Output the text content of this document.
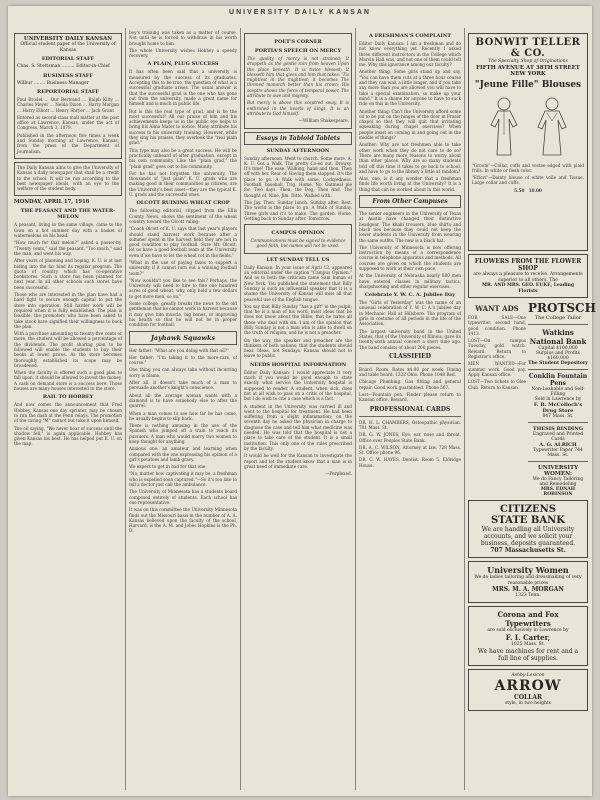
UNIVERSITY DAILY KANSAN
UNIVERSITY DAILY KANSAN
Official student paper of the University of Kansas
EDITORIAL STAFF
Chas. S. Stottsman ......... Editor-in-Chief
BUSINESS STAFF
Wilbur ........ Business Manager
REPORTORIAL STAFF

Paul Brodel ... Our Bertrand ... Ralph Kilty ... Charles Meyer ... Nelda Dixon ... Harry Morgan ... Harry Elliott ... Henry Shryer ... Jack Grant

Entered as second-class mail matter at the post office at Lawrence, Kansas, under the act of Congress, March 3, 1879.

Published in the afternoon five times a week and Sunday morning at Lawrence, Kansas, from the press of the Department of Journalism.

The Daily Kansan aims to give the University of Kansas a daily newspaper that shall be a credit to the school. It will be run according to the best newspaper ideals, with an eye to the welfare of the student body.

MONDAY, APRIL 17, 1916
THE PEASANT AND THE WATER-MELON

A peasant, living in the same village, came to the town on a hot summer day with a basket of watermelons on his head.

"How much for that melon?" asked a passer-by. "Twenty cents," said the peasant. "Too much," said the man, and went his way.

After years of planning and hoping, K. U. is at last hiding into the far bind its regular program. The quota of country which has co-operative bookstores. Such a store has been planned for next year. In all other schools such stores have been successful.

Those who are interested in the plan have had a hard fight to secure enough capital to put the store into operation. Still harder work will be required when it is fully established. The plan is feasible, the promoters who have been asked to take stock have signified their willingness to back the plan.

With a purchase amounting to twenty-five cents or more, the student will be allowed a percentage of the dividends. The profit sharing plan to be followed will enable the students to buy their books at lower prices. As the store becomes thoroughly established its scope may be broadened.

When the faculty is offered such a good plan to fall upon, it should be allowed to invest the money. A cash on demand store is a success here. Those houses are many houses interested in the store.

RAIL TO HOBBEY

And now comes the announcement that Fred Hobbey, Kansas one day sprinter, may be chosen to run the dash at the Penn relays. The promotion of the caring "M" cannot but take it upon himself.

The oil saying, "We never hear of success until the shadow fell," is again applicable. Hobbey has given Kansas his best. He has helped put K. U. on the map.

boy's training was taken as a matter of course. Not until he is forced to withdraw in his worth brought home to him.

The whole University wishes Hobbey a speedy recovery.

A PLAIN, PLUG SUCCESS

It has often been said that a university is measured by the success of its graduates. Accepting this to be true, the question of what is a successful graduate arises. The usual answer is that the successful grad is the one who has gone out from the university, made a great name for himself and is much in public life.

But is this the real type of grad, and is he the most successful? All our praise of him and his achievements keeps us in the public eye helps to bring his Alma Mater to notice. Many attribute his success to his university training. However, while they sing his praises, they overlook the "real plain grad."

This type may also be a great success. He will be practically unheard of after graduation, except in his own community. Like the "plain grad," the "plain grad" goes out to his community.

For he has not forgotten the university. The thousands of "just plain" K. U. grads who are making good in their communities as citizens, are the University's best asset—they are the typical K. U. grads and the successful ones.

OLCOTT RUINING WHEAT CROP

The following editorial, clipped from the Ellis County News, shows the sentiment of the wheat country toward the Olcott ruling:

"Coach Olcott of K. U. says that last year's players should stand harvest work because after a summer spent in the harvest field they are not in good condition to play football. Sure Mr. Olcott, let us have a good football team at the University even if we have to let the wheat rot in the fields."

"What in the use of paying taxes to support a university if it cannot turn out a winning football team?"

"Now wouldn't you like to see this? Perhaps, the University will need to hire to fine one hundred acres of good wheat, why, only hold a few dollars to get more men, so on."

Some college, greatly breaks the news to the old gentleman that he cannot work in harvest because it may give him muscle, big bones, or improving his health so that he will not be in proper condition for football.

Jayhawk Squawks

Her father: "What are you doing with that oil?"

Her father: "I'm taking it to the more-cars, of course."

One thing you can always take without incurring sorry is blame.

After all, it doesn't take much of a man to persuade another's knight's conscience.

About all the average woman wants with a diamond is to have somebody else to after the quarrel.

When a man comes to see how far he has come, he usually begins to slip back.

There is nothing amusing in the use of the Spanish who jumped off a train to reach its pursuers. A man who would marry two women to keep thought for anything.

Anxious one: an amateur and learning when compared with the one expressing his opinion of a girl's potatoes and lamb gravy.

We expect to get in bad for that one.

"No, matter how captivating it may be, a freshman who is expelled soon captured."—So it's too late to tell a doctor just call the ambulance.

The University of Minnesota has a students board composed entirely of students. Each school has one representative.

It was on this committee the University Minnesota finds out the Missouri basis in the number of A. A. Kansas believed upon the faculty of the school, Harvard, is the A. M. and Jobes Hopkins is the Ph. D.

POET'S CORNER
PORTIA'S SPEECH ON MERCY

The quality of mercy is not strained; It droppeth as the gentle rain from heaven Upon the place beneath. It is twice blessed; It blesseth him that gives and him that takes: 'Tis mightiest in the mightiest; it becomes The throned monarch better than his crown; His sceptre shows the force of temporal power, The attribute to awe and majesty.

But mercy is above this sceptred sway, It is enthroned in the hearts of kings, It is an attribute to God himself.

—William Shakespeare.

Essays in Tabloid Tablets
SUNDAY AFTERNOON

Sunday afternoon. Went to church. Some more. A. K. U. Got a Walk. The pretty Co-ed out. Drowsy. It's time! The ease. Walking, hand and then. Then off with her. Rear of. Having them stopped. It's the place to go. A Walk with some, Cockyedness. Football, baseball, Trig. Home. No. Oatmeal pie for. Two days. Then, the Dog, Then And. The thought of. Nine, Jim. Ditto. Walked with.

The Jay. Then. Sunday lunch. Sunday after. Rest. The world is the place to go. A Walk of Sunday. Three girls and it's to make. The garden. Home. Getting back to Sunday after. Tomorrow.

CAMPUS OPINION

Communications must be signed to evidence good faith, but names will not be used.

LET SUNDAY TELL US

Daily Kansan: In your issue of April 13, appeared an editorial under the caption "Campus Opinion." And as to both the criticism came Sam Inman of New York. You published the statement that Billy Sunday is such an influential speaker that it is a shame the University of Kansas will miss all that peaceful use of the English tongue.

You say that Billy Sunday "has a gift" in the pulpit; that he is a man of his word, most ideas that he does not know about the Bible, that he hates all those who deal with sin. I am of the opinion that Billy Sunday is not a man who is able to dwell on the truth of religion, and he is not a preacher.

On the way, the speaker and preacher are the thinkers of both nations; that the students should hear. Ideas, not Sundays. Kansas should not to leave to public.

NEEDS HOSPITAL INFORMATION

Editor Daily Kansan: I would appreciate it very much if you would be good enough to state exactly what service the University hospital is supposed to render. A student, when sick, does not at all wish to pass on a critic of the hospital, but I do wish to cite a case which is a fact.

A student in the University was carried ill and went to the hospital for treatment. He had been suffering from a slight inflammation; on the seventh day he asked the physician in charge to diagnose the case and tell him what medicine was needed. He was told that the hospital is not a place to take care of the student. It is a small institution. This only one of the rules prescribed by the faculty.

It would be well for the Kansan to investigate the report and let the student know that a man is in great need of immediate care.

—Perplexed.

A FRESHMAN'S COMPLAINT

Editor Daily Kansan: I am a freshman and do not know everything yet. Recently I asked three different instructors in the College which Marvin Hall was, and not one of them could tell me. Why this ignorance among our faculty?

Another thing. Some girls stand up and say, "You can have them cuts at a three hour course and they can wait a little longer, and if you take any more than you are allowed you will have to take a special examination, so make up your mind." It is a shame for anyone to have to suck ride on this in the University.

Another thing: Can't the University afford some oil to be put on the hinges of the door in Fraser chapel so that they will quit that irritating squeaking during chapel exercises? When people insist on coming in and going out in the middle of things?

Another: Why are not freshmen able to take other work when they do not care to do so? There are many more reasons to worry about than other places. Why are so many students told off this time it takes to go back to school, and have to go to the library a little at random?

Alas, one, is it any wonder that a freshman finds life worth living at the University? It is a thing that can be worked about in this world.

From Other Campuses

The senior engineers in the University of Texas at Austin have changed their distinctive headgear. The khaki trousers, blue shirts and black ties because they could not keep the lower students in the University from wearing the same outfits. The new is a black hat.

The University of Minnesota is now offering instruction by means of a correspondence course in telephone apparatus and methods. All courses are given on which the students are supposed to work at their own pace.

At the University of Nebraska nearly 800 men have entered classes in military tactics, sharpshooting and other regular exercises.

Celebrate Y. W. C. A. Jubilee Day

The "Girls of Yesterday" was the name of an unusual celebration of Y. W. C. A.'s jubilee day in Mechanic Hall at Hillsboro. The program of girls in costume of all periods in the life of the Association.

The largest university band in the United States, that of the University of Illinois, gave its twenty-sixth annual concert a short time ago. The band consists of about 200 pieces.

CLASSIFIED

Board. Room. Rates $4.00 per week. Dining and table board. 1322 Ohio. Phone 1048 Red.

Chicago Plumbing. Gas fitting and general repair. Good work guaranteed. Phone 567.

Lost—Fountain pen. Finder please return to Kansan office. Reward.

PROFESSIONAL CARDS

DR. H. L. CHAMBERS, Osteopathic physician. 701 Mass. St.

DR. G. W. JONES, Eye, ear, nose and throat. Office over Peoples State Bank.

DR. A. C. WILSON, Attorney at law. 728 Mass. St. Office phone 96.

DR. C. W. HAYES, Dentist. Room 5, Eldridge House.

BONWIT TELLER & CO.
The Specialty Shop of Originations
FIFTH AVENUE AT 38TH STREET
NEW YORK
"Jeune Fille" Blouses

"Groom"—Collar, cuffs and vestee edged with plaid frills. In white or flesh color.

"Effort"—Dainty blouse of white voile and Tissue. Large collar and cuffs.

5.50   10.00

FLOWERS FROM THE FLOWER SHOP
are always a pleasure to receive. Arrangements superior to all others. The
MR. AND MRS. GEO. EUKE, Leading Florists
WANT ADS

FOR SALE—One typewriter, second hand, good condition. Phone 1413.

LOST—On campus Tuesday, gold watch. Reward. Return to Registrar's office.

MEN WANTED—For summer work. Good pay. Apply Kansan office.

LOST—Two tickets to Glee Club. Return to Kansan.

PROTSCH
The College Tailor
Watkins National Bank
Capital $100,000
Surplus and Profits $160,000
The Student Depository
Conklin Fountain Pens
Non-Leakable and Self-Filling
Sold in Lawrence by
F. B. McColloch's Drug Store
847 Mass. St.
THESIS BINDING
Engraved and Printed Cards
A. G. ALRICH
Typewriter Paper 744 Mass. St.
UNIVERSITY WOMEN:
We do Fancy Tailoring and Remodeling
MRS. EDNAH ROBINSON
CITIZENS
STATE BANK
We are handling all University accounts, and we solicit your business, deposits guaranteed.
707 Massachusetts St.
University Women
We do ladies tailoring and dressmaking of very reasonable prices
MRS. M. A. MORGAN
1323 Tenn.
Corona and Fox
Typewriters
are sold exclusively in Lawrence by
F. I. Carter,
1025 Mass. St.
We have machines for rent and a full line of supplies.
Ashby-Lexicon
ARROW
COLLAR
style, in two heights
